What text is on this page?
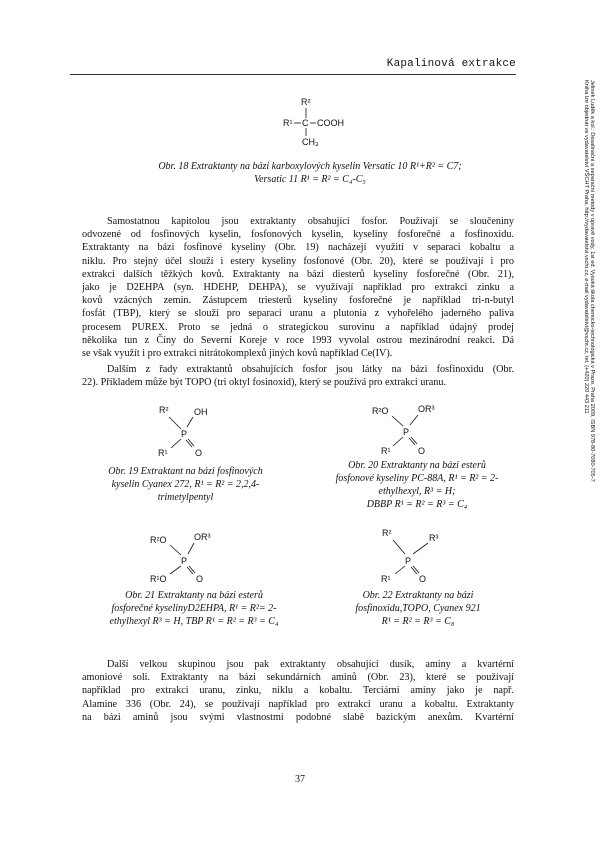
Kapalinová extrakce
Jelinek Luděk a kol.: Desalinační a separační metody v úpravě vody, 1st ed. Vysoká škola chemicko-technologická v Praze, Praha 2009, ISBN 978-80-7080-705-7
Kniha lze objednat ve vydavatelství VŠCHT Praha, http://vydavatelstvi.vscht.cz, e-mail vydavatelstvi@vscht.cz, tel. (+420) 220 443 211
R²
R¹ C COOH
CH₃
Obr. 18 Extraktanty na bázi karboxylových kyselin Versatic 10 R¹+R² = C7;
Versatic 11 R¹ = R² = C₄-C₅
Samostatnou kapitolou jsou extraktanty obsahující fosfor. Používají se sloučeniny
odvozené od fosfinových kyselin, fosfonových kyselin, kyseliny fosforečné a fosfinoxidu.
Extraktanty na bázi fosfinové kyseliny (Obr. 19) nacházejí využití v separaci kobaltu a
niklu. Pro stejný účel slouží i estery kyseliny fosfonové (Obr. 20), které se používají i pro
extrakci dalších těžkých kovů. Extraktanty na bázi diesterů kyseliny fosforečné (Obr. 21),
jako je D2EHPA (syn. HDEHP, DEHPA), se využívají například pro extrakci zinku a
kovů vzácných zemin. Zástupcem triesterů kyseliny fosforečné je například tri-n-butyl
fosfát (TBP), který se slouží pro separaci uranu a plutonia z vyhořelého jaderného paliva
procesem PUREX. Proto se jedná o strategickou surovinu a například údajný prodej
několika tun z Číny do Severní Koreje v roce 1993 vyvolal ostrou mezinárodní reakci. Dá
se však využít i pro extrakci nitrátokomplexů jiných kovů například Ce(IV).
Dalším z řady extraktantů obsahujících fosfor jsou látky na bázi fosfinoxidu (Obr.
22). Příkladem může být TOPO (tri oktyl fosinoxid), který se používá pro extrakci uranu.
R²	OH
P
R¹	O
Obr. 19 Extraktant na bázi fosfinových
kyselin Cyanex 272, R¹ = R² = 2,2,4-
trimetylpentyl
R²O	OR³
P
R¹	O
Obr. 20 Extraktanty na bázi esterů
fosfonové kyseliny PC-88A, R¹ = R² = 2-
ethylhexyl, R³ = H;
DBBP R¹ = R² = R³ = C₄
R²O	OR³
P
R¹O	O
Obr. 21 Extraktanty na bázi esterů
fosforečné kyselinyD2EHPA, R¹ = R²= 2-
ethylhexyl R³ = H, TBP R¹ = R² = R³ = C₄
R²	R³
P
R¹	O
Obr. 22 Extraktanty na bázi
fosfinoxidu,TOPO, Cyanex 921
R¹ = R² = R³ = C₈
Další velkou skupinou jsou pak extraktanty obsahující dusík, aminy a kvartérní
amoniové soli. Extraktanty na bázi sekundárních aminů (Obr. 23), které se používají
například pro extrakci uranu, zinku, niklu a kobaltu. Terciární aminy jako je např.
Alamine 336 (Obr. 24), se používají například pro extrakci uranu a kobaltu. Extraktanty
na bázi aminů jsou svými vlastnostmi podobné slabě bazickým anexům. Kvartérní
37
